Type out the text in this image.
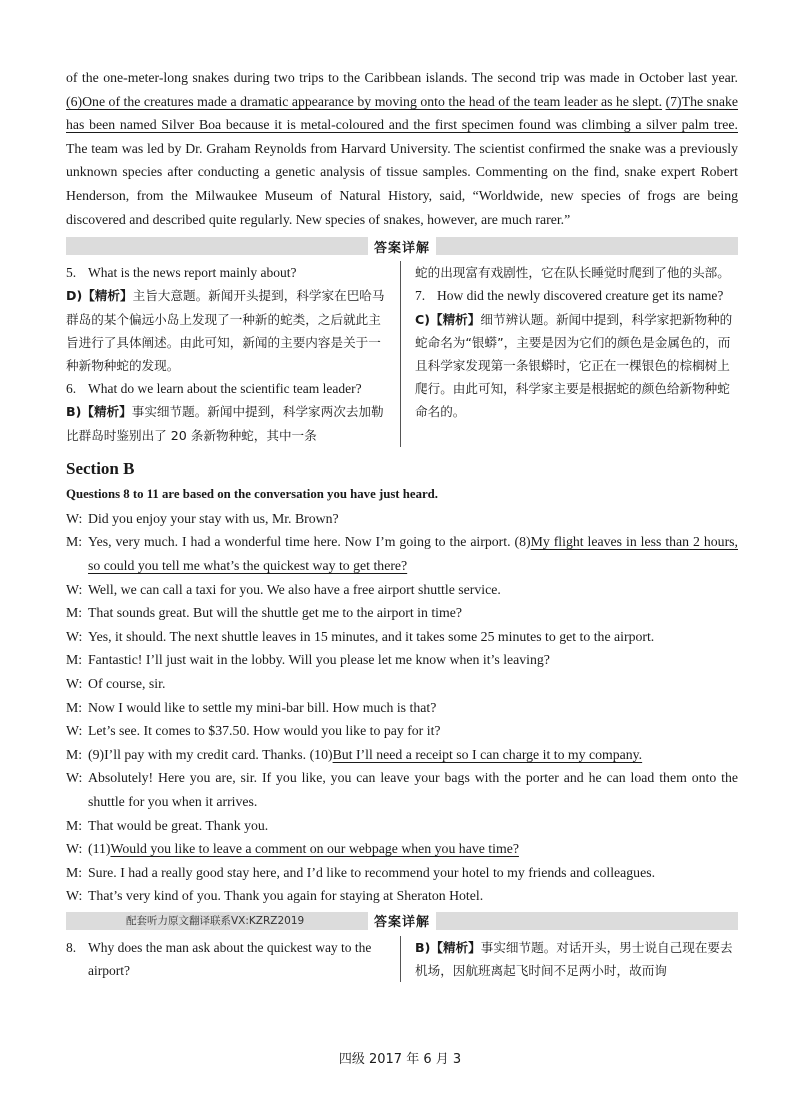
of the one-meter-long snakes during two trips to the Caribbean islands. The second trip was made in October last year. (6)One of the creatures made a dramatic appearance by moving onto the head of the team leader as he slept. (7)The snake has been named Silver Boa because it is metal-coloured and the first specimen found was climbing a silver palm tree. The team was led by Dr. Graham Reynolds from Harvard University. The scientist confirmed the snake was a previously unknown species after conducting a genetic analysis of tissue samples. Commenting on the find, snake expert Robert Henderson, from the Milwaukee Museum of Natural History, said, “Worldwide, new species of frogs are being discovered and described quite regularly. New species of snakes, however, are much rarer.”

答案详解
5. What is the news report mainly about?
D)【精析】主旨大意题。新闻开头提到，科学家在巴哈马群岛的某个偏远小岛上发现了一种新的蛇类，之后就此主旨进行了具体阐述。由此可知，新闻的主要内容是关于一种新物种蛇的发现。
6. What do we learn about the scientific team leader?
B)【精析】事实细节题。新闻中提到，科学家两次去加勒比群岛时鉴别出了 20 条新物种蛇，其中一条
蛇的出现富有戏剧性，它在队长睡觉时爬到了他的头部。
7. How did the newly discovered creature get its name?
C)【精析】细节辨认题。新闻中提到，科学家把新物种的蛇命名为“银蟒”，主要是因为它们的颜色是金属色的，而且科学家发现第一条银蟒时，它正在一棵银色的棕榈树上爬行。由此可知，科学家主要是根据蛇的颜色给新物种蛇命名的。
Section B
Questions 8 to 11 are based on the conversation you have just heard.
W: Did you enjoy your stay with us, Mr. Brown?
M: Yes, very much. I had a wonderful time here. Now I’m going to the airport. (8)My flight leaves in less than 2 hours, so could you tell me what’s the quickest way to get there?
W: Well, we can call a taxi for you. We also have a free airport shuttle service.
M: That sounds great. But will the shuttle get me to the airport in time?
W: Yes, it should. The next shuttle leaves in 15 minutes, and it takes some 25 minutes to get to the airport.
M: Fantastic! I’ll just wait in the lobby. Will you please let me know when it’s leaving?
W: Of course, sir.
M: Now I would like to settle my mini-bar bill. How much is that?
W: Let’s see. It comes to $37.50. How would you like to pay for it?
M: (9)I’ll pay with my credit card. Thanks. (10)But I’ll need a receipt so I can charge it to my company.
W: Absolutely! Here you are, sir. If you like, you can leave your bags with the porter and he can load them onto the shuttle for you when it arrives.
M: That would be great. Thank you.
W: (11)Would you like to leave a comment on our webpage when you have time?
M: Sure. I had a really good stay here, and I’d like to recommend your hotel to my friends and colleagues.
W: That’s very kind of you. Thank you again for staying at Sheraton Hotel.
配套听力原文翻译联系VX:KZRZ2019	答案详解
8. Why does the man ask about the quickest way to the airport?
B)【精析】事实细节题。对话开头，男士说自己现在要去机场，因航班离起飞时间不足两小时，故而询
四级 2017 年 6 月 3
